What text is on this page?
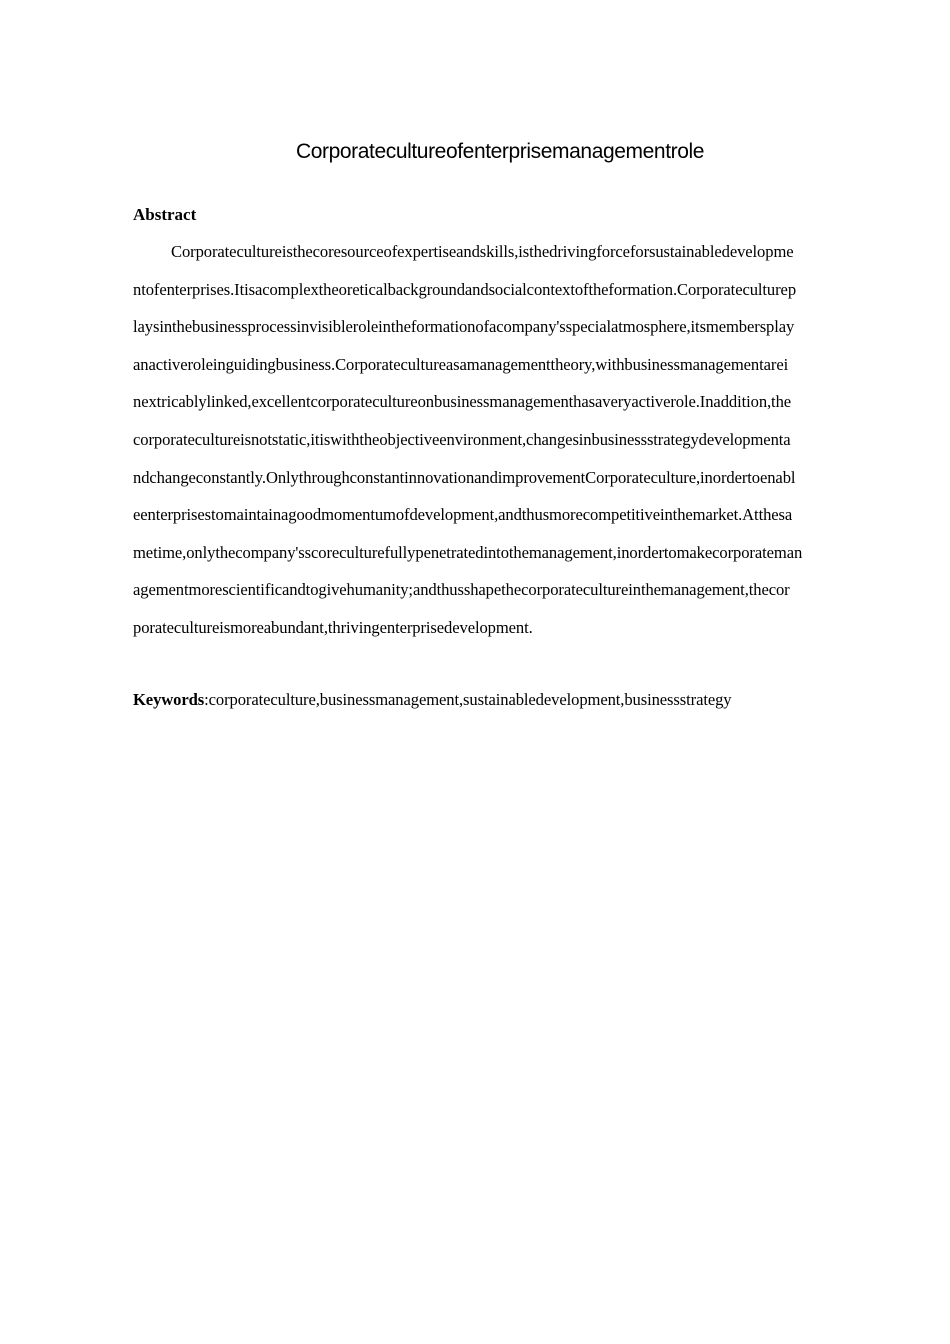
Corporatecultureofenterprisemanagementrole
Abstract
Corporatecultureisthecoresourceofexpertiseandskills,isthedrivingforceforsustainabledevelopme
ntofenterprises.Itisacomplextheoreticalbackgroundandsocialcontextoftheformation.Corporateculturep
laysinthebusinessprocessinvisibleroleintheformationofacompany'sspecialatmosphere,itsmembersplay
anactiveroleinguidingbusiness.Corporatecultureasamanagementtheory,withbusinessmanagementarei
nextricablylinked,excellentcorporatecultureonbusinessmanagementhasaveryactiverole.Inaddition,the
corporatecultureisnotstatic,itiswiththeobjectiveenvironment,changesinbusinessstrategydevelopmenta
ndchangeconstantly.OnlythroughconstantinnovationandimprovementCorporateculture,inordertoenabl
eenterprisestomaintainagoodmomentumofdevelopment,andthusmorecompetitiveinthemarket.Atthesa
metime,onlythecompany'sscoreculturefullypenetratedintothemanagement,inordertomakecorporateman
agementmorescientificandtogivehumanity;andthusshapethecorporatecultureinthemanagement,thecor
poratecultureismoreabundant,thrivingenterprisedevelopment.

Keywords:corporateculture,businessmanagement,sustainabledevelopment,businessstrategy
